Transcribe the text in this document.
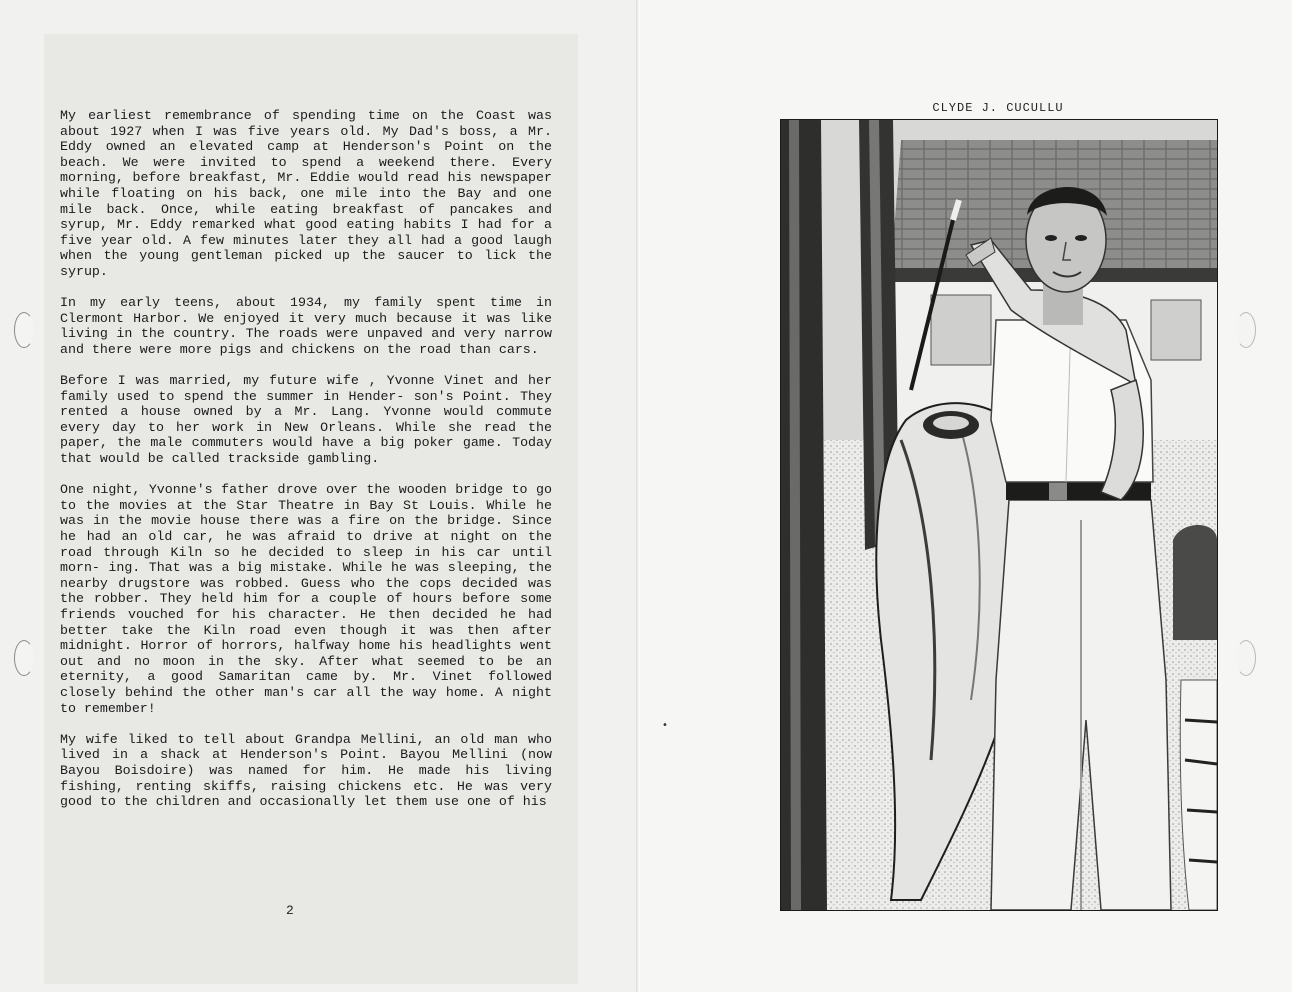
My earliest remembrance of spending time on the Coast was about 1927 when I was five years old. My Dad's boss, a Mr. Eddy owned an elevated camp at Henderson's Point on the beach. We were invited to spend a weekend there. Every morning, before breakfast, Mr. Eddie would read his newspaper while floating on his back, one mile into the Bay and one mile back. Once, while eating breakfast of pancakes and syrup, Mr. Eddy remarked what good eating habits I had for a five year old. A few minutes later they all had a good laugh when the young gentleman picked up the saucer to lick the syrup.

In my early teens, about 1934, my family spent time in Clermont Harbor. We enjoyed it very much because it was like living in the country. The roads were unpaved and very narrow and there were more pigs and chickens on the road than cars.

Before I was married, my future wife , Yvonne Vinet and her family used to spend the summer in Hender- son's Point. They rented a house owned by a Mr. Lang. Yvonne would commute every day to her work in New Orleans. While she read the paper, the male commuters would have a big poker game. Today that would be called trackside gambling.

One night, Yvonne's father drove over the wooden bridge to go to the movies at the Star Theatre in Bay St Louis. While he was in the movie house there was a fire on the bridge. Since he had an old car, he was afraid to drive at night on the road through Kiln so he decided to sleep in his car until morn- ing. That was a big mistake. While he was sleeping, the nearby drugstore was robbed. Guess who the cops decided was the robber. They held him for a couple of hours before some friends vouched for his character. He then decided he had better take the Kiln road even though it was then after midnight. Horror of horrors, halfway home his headlights went out and no moon in the sky. After what seemed to be an eternity, a good Samaritan came by. Mr. Vinet followed closely behind the other man's car all the way home. A night to remember!

My wife liked to tell about Grandpa Mellini, an old man who lived in a shack at Henderson's Point. Bayou Mellini (now Bayou Boisdoire) was named for him. He made his living fishing, renting skiffs, raising chickens etc. He was very good to the children and occasionally let them use one of his

2
CLYDE J. CUCULLU
•
